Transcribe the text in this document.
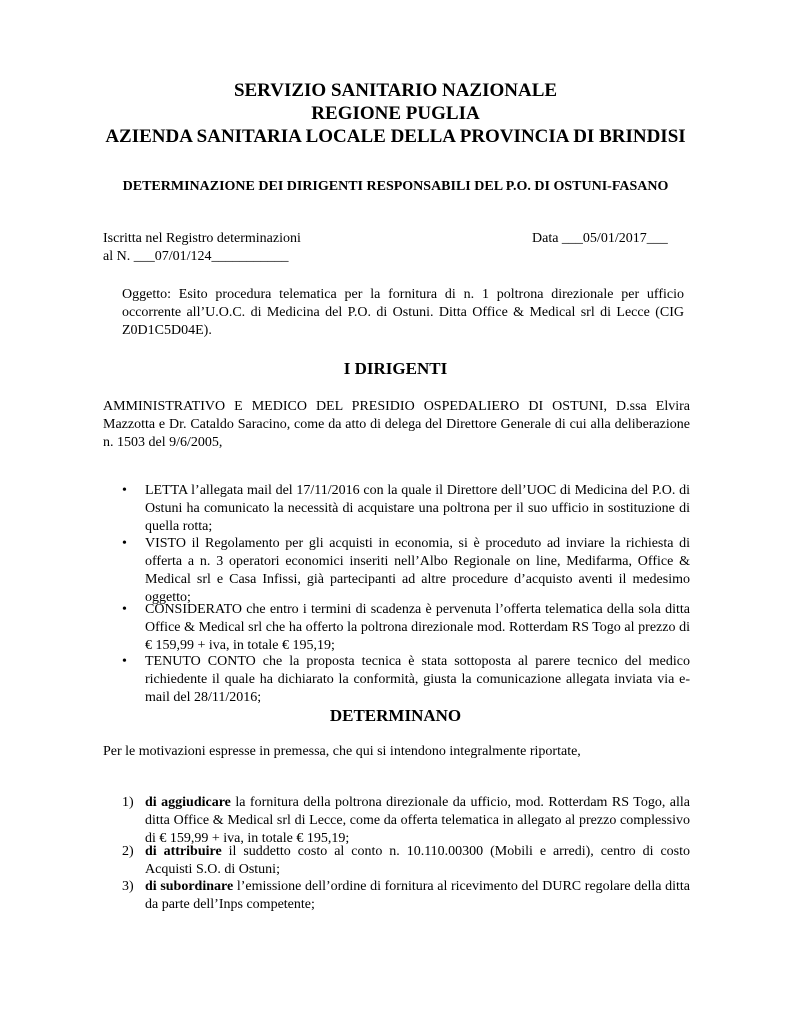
SERVIZIO SANITARIO NAZIONALE
REGIONE PUGLIA
AZIENDA SANITARIA LOCALE DELLA PROVINCIA DI BRINDISI
DETERMINAZIONE DEI DIRIGENTI RESPONSABILI DEL P.O. DI OSTUNI-FASANO
Iscritta nel Registro determinazioni	Data ___05/01/2017___
al N. ___07/01/124___________
Oggetto: Esito procedura telematica per la fornitura di n. 1 poltrona direzionale per ufficio occorrente all’U.O.C. di Medicina del P.O. di Ostuni. Ditta Office & Medical srl di Lecce (CIG Z0D1C5D04E).
I DIRIGENTI
AMMINISTRATIVO E MEDICO DEL PRESIDIO OSPEDALIERO DI OSTUNI, D.ssa Elvira Mazzotta e Dr. Cataldo Saracino, come da atto di delega del Direttore Generale di cui alla deliberazione n. 1503 del 9/6/2005,
• LETTA l’allegata mail del 17/11/2016 con la quale il Direttore dell’UOC di Medicina del P.O. di Ostuni ha comunicato la necessità di acquistare una poltrona per il suo ufficio in sostituzione di quella rotta;
• VISTO il Regolamento per gli acquisti in economia, si è proceduto ad inviare la richiesta di offerta a n. 3 operatori economici inseriti nell’Albo Regionale on line, Medifarma, Office & Medical srl e Casa Infissi, già partecipanti ad altre procedure d’acquisto aventi il medesimo oggetto;
• CONSIDERATO che entro i termini di scadenza è pervenuta l’offerta telematica della sola ditta Office & Medical srl che ha offerto la poltrona direzionale mod. Rotterdam RS Togo al prezzo di € 159,99 + iva, in totale € 195,19;
• TENUTO CONTO che la proposta tecnica è stata sottoposta al parere tecnico del medico richiedente il quale ha dichiarato la conformità, giusta la comunicazione allegata inviata via e-mail del 28/11/2016;
DETERMINANO
Per le motivazioni espresse in premessa, che qui si intendono integralmente riportate,
1) di aggiudicare la fornitura della poltrona direzionale da ufficio, mod. Rotterdam RS Togo, alla ditta Office & Medical srl di Lecce, come da offerta telematica in allegato al prezzo complessivo di € 159,99 + iva, in totale € 195,19;
2) di attribuire il suddetto costo al conto n. 10.110.00300 (Mobili e arredi), centro di costo Acquisti S.O. di Ostuni;
3) di subordinare l’emissione dell’ordine di fornitura al ricevimento del DURC regolare della ditta da parte dell’Inps competente;
